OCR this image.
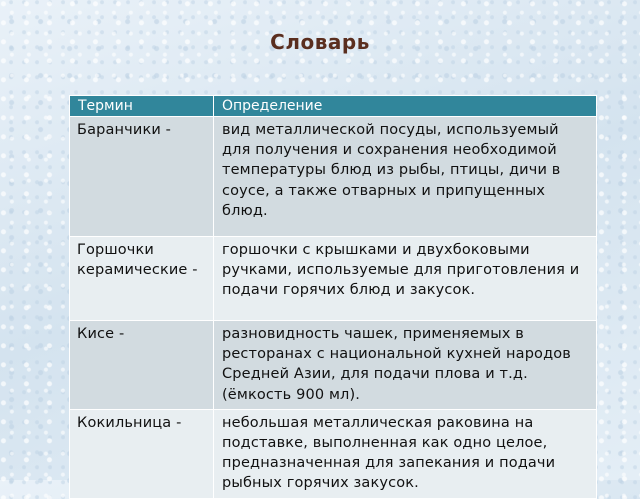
Словарь
Термин	Определение
Баранчики -	вид металлической посуды, используемый для получения и сохранения необходимой температуры блюд из рыбы, птицы, дичи в соусе, а также отварных и припущенных блюд.
Горшочки керамические -	горшочки с крышками и двухбоковыми ручками, используемые для приготовления и подачи горячих блюд и закусок.
Кисе -	разновидность чашек, применяемых в ресторанах с национальной кухней народов Средней Азии, для подачи плова и т.д. (ёмкость 900 мл).
Кокильница -	небольшая металлическая раковина на подставке, выполненная как одно целое, предназначенная для запекания и подачи рыбных горячих закусок.
